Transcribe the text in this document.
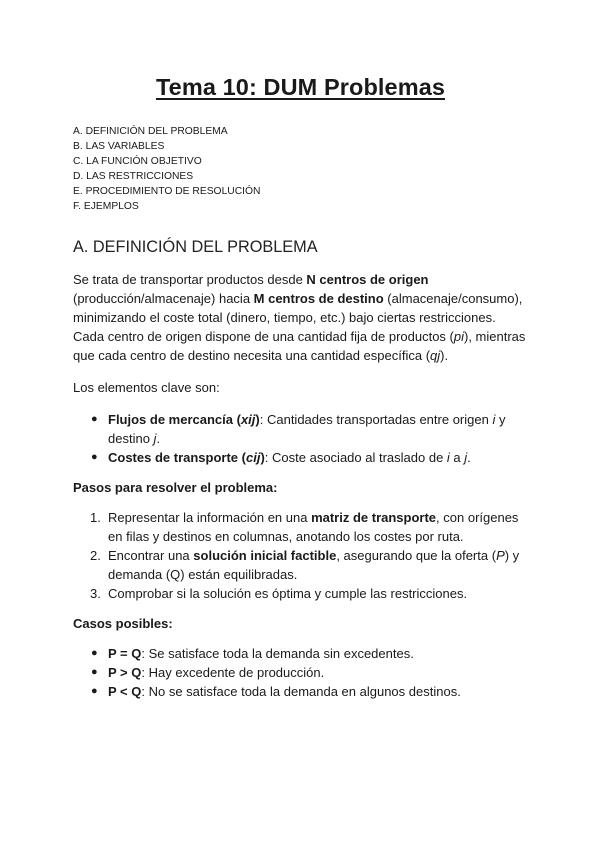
Tema 10: DUM Problemas
A. DEFINICIÓN DEL PROBLEMA
B. LAS VARIABLES
C. LA FUNCIÓN OBJETIVO
D. LAS RESTRICCIONES
E. PROCEDIMIENTO DE RESOLUCIÓN
F. EJEMPLOS
A. DEFINICIÓN DEL PROBLEMA

Se trata de transportar productos desde N centros de origen (producción/almacenaje) hacia M centros de destino (almacenaje/consumo), minimizando el coste total (dinero, tiempo, etc.) bajo ciertas restricciones. Cada centro de origen dispone de una cantidad fija de productos (pi), mientras que cada centro de destino necesita una cantidad específica (qj).

Los elementos clave son:

● Flujos de mercancía (xij): Cantidades transportadas entre origen i y destino j.
● Costes de transporte (cij): Coste asociado al traslado de i a j.

Pasos para resolver el problema:

1. Representar la información en una matriz de transporte, con orígenes en filas y destinos en columnas, anotando los costes por ruta.
2. Encontrar una solución inicial factible, asegurando que la oferta (P) y demanda (Q) están equilibradas.
3. Comprobar si la solución es óptima y cumple las restricciones.

Casos posibles:

● P = Q: Se satisface toda la demanda sin excedentes.
● P > Q: Hay excedente de producción.
● P < Q: No se satisface toda la demanda en algunos destinos.
